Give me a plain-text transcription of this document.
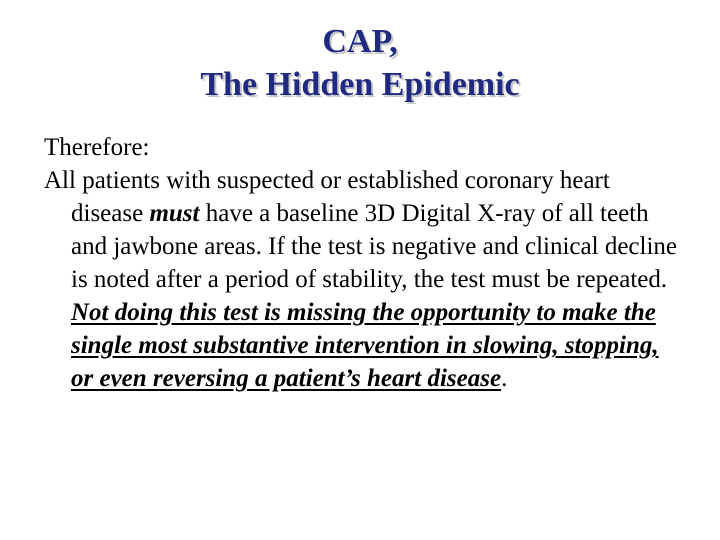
CAP,
The Hidden Epidemic

Therefore:

All patients with suspected or established coronary heart disease must have a baseline 3D Digital X-ray of all teeth and jawbone areas. If the test is negative and clinical decline is noted after a period of stability, the test must be repeated. Not doing this test is missing the opportunity to make the single most substantive intervention in slowing, stopping, or even reversing a patient’s heart disease.
